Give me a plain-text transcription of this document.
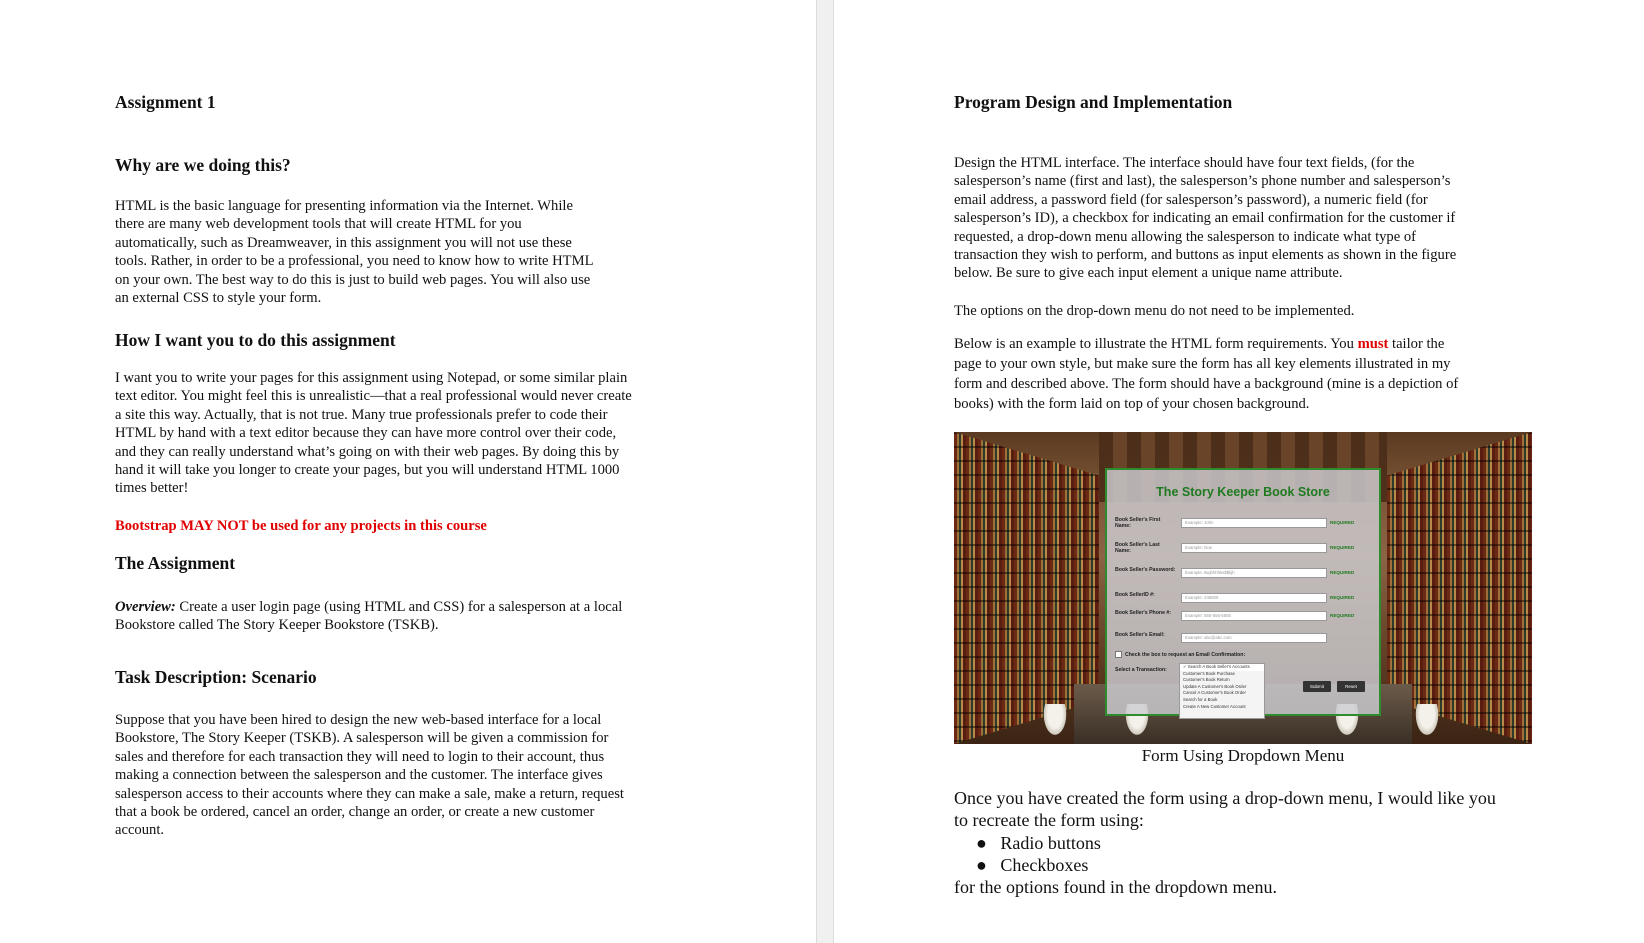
Assignment 1
Why are we doing this?
HTML is the basic language for presenting information via the Internet. While
there are many web development tools that will create HTML for you
automatically, such as Dreamweaver, in this assignment you will not use these
tools. Rather, in order to be a professional, you need to know how to write HTML
on your own. The best way to do this is just to build web pages. You will also use
an external CSS to style your form.
How I want you to do this assignment
I want you to write your pages for this assignment using Notepad, or some similar plain
text editor. You might feel this is unrealistic—that a real professional would never create
a site this way. Actually, that is not true. Many true professionals prefer to code their
HTML by hand with a text editor because they can have more control over their code,
and they can really understand what’s going on with their web pages. By doing this by
hand it will take you longer to create your pages, but you will understand HTML 1000
times better!
Bootstrap MAY NOT be used for any projects in this course
The Assignment
Overview: Create a user login page (using HTML and CSS) for a salesperson at a local
Bookstore called The Story Keeper Bookstore (TSKB).
Task Description: Scenario
Suppose that you have been hired to design the new web-based interface for a local
Bookstore, The Story Keeper (TSKB). A salesperson will be given a commission for
sales and therefore for each transaction they will need to login to their account, thus
making a connection between the salesperson and the customer. The interface gives
salesperson access to their accounts where they can make a sale, make a return, request
that a book be ordered, cancel an order, change an order, or create a new customer
account.
Program Design and Implementation
Design the HTML interface. The interface should have four text fields, (for the
salesperson’s name (first and last), the salesperson’s phone number and salesperson’s
email address, a password field (for salesperson’s password), a numeric field (for
salesperson’s ID), a checkbox for indicating an email confirmation for the customer if
requested, a drop-down menu allowing the salesperson to indicate what type of
transaction they wish to perform, and buttons as input elements as shown in the figure
below. Be sure to give each input element a unique name attribute.
The options on the drop-down menu do not need to be implemented.
Below is an example to illustrate the HTML form requirements. You must tailor the
page to your own style, but make sure the form has all key elements illustrated in my
form and described above. The form should have a background (mine is a depiction of
books) with the form laid on top of your chosen background.
Form Using Dropdown Menu
Once you have created the form using a drop-down menu, I would like you
to recreate the form using:
● Radio buttons
● Checkboxes
for the options found in the dropdown menu.
The Story Keeper Book Store
Book Seller's First Name:
Example: John	REQUIRED
Book Seller's Last Name:
Example: Doe	REQUIRED
Book Seller's Password:	Example: 8wjhhhhks$$kjh	REQUIRED
Book SellerID #:	Example: 246829	REQUIRED
Book Seller's Phone #:	Example: 555-555-5555	REQUIRED
Book Seller's Email:	Example: abc@abc.com
Check the box to request an Email Confirmation:
Select a Transaction:
✓ Search A Book Seller's Accounts
Customer's Book Purchase
Customer's Book Return
Update A Customer's Book Order
Cancel A Customer's Book Order
Search for a Book
Create A New Customer Account
Submit	Reset
